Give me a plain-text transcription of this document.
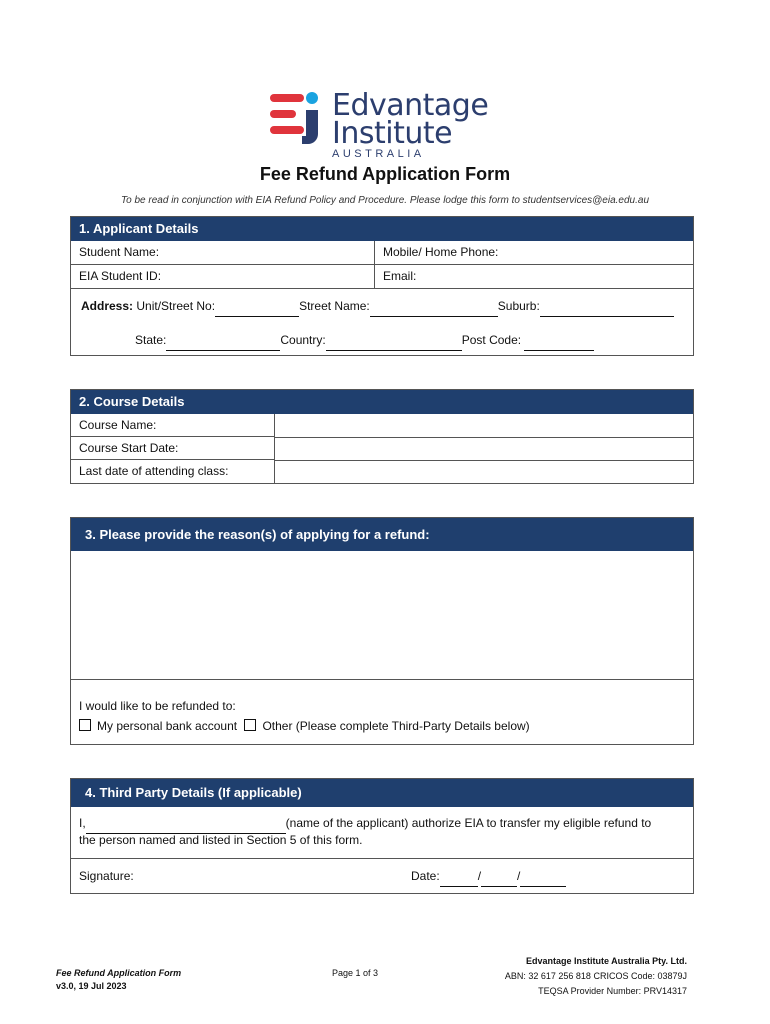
Edvantage
Institute
AUSTRALIA
Fee Refund Application Form
To be read in conjunction with EIA Refund Policy and Procedure. Please lodge this form to studentservices@eia.edu.au
1. Applicant Details
Student Name:	Mobile/ Home Phone:
EIA Student ID:	Email:
Address: Unit/Street No:	Street Name:	Suburb:
State:	Country:	Post Code:
2. Course Details
Course Name:
Course Start Date:
Last date of attending class:
3. Please provide the reason(s) of applying for a refund:
I would like to be refunded to:
My personal bank account Other (Please complete Third-Party Details below)
4. Third Party Details (If applicable)
I,	(name of the applicant) authorize EIA to transfer my eligible refund to
the person named and listed in Section 5 of this form.
Signature:	Date:	/	/
Fee Refund Application Form
v3.0, 19 Jul 2023
Page 1 of 3
Edvantage Institute Australia Pty. Ltd.
ABN: 32 617 256 818 CRICOS Code: 03879J
TEQSA Provider Number: PRV14317
